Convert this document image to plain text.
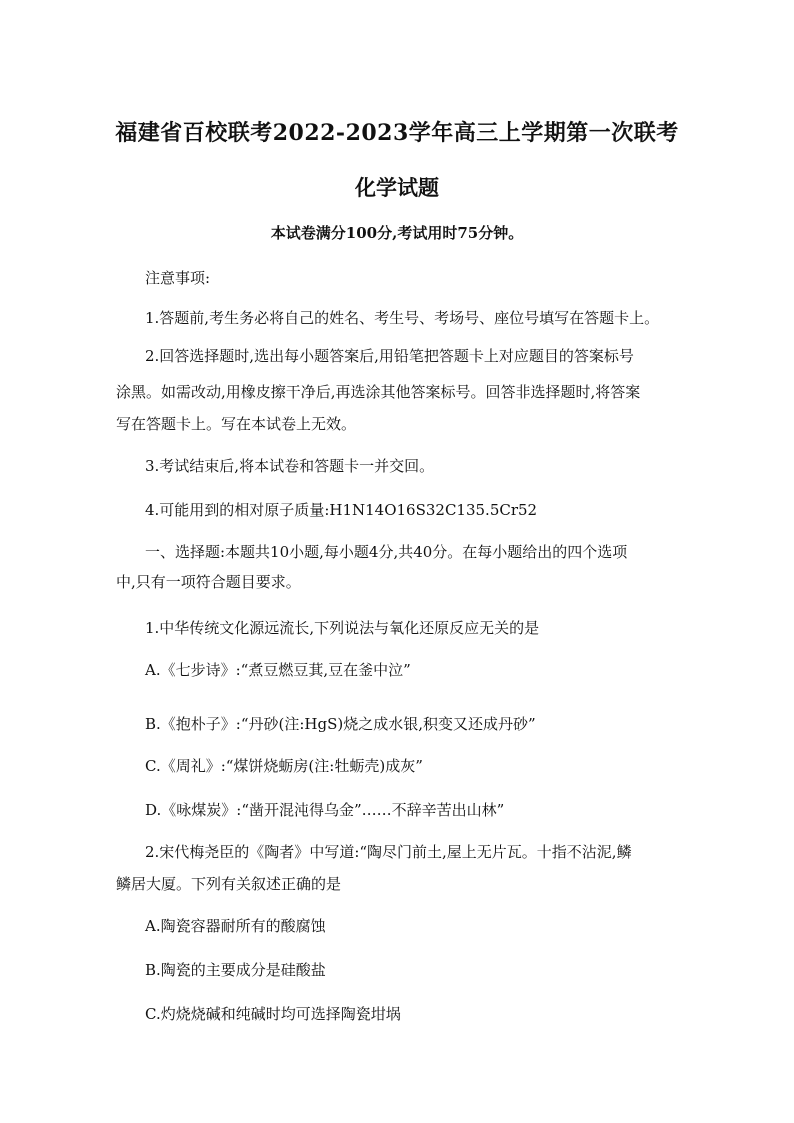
福建省百校联考2022-2023学年高三上学期第一次联考
化学试题
本试卷满分100分,考试用时75分钟。
注意事项:
1.答题前,考生务必将自己的姓名、考生号、考场号、座位号填写在答题卡上。
2.回答选择题时,选出每小题答案后,用铅笔把答题卡上对应题目的答案标号
涂黑。如需改动,用橡皮擦干净后,再选涂其他答案标号。回答非选择题时,将答案
写在答题卡上。写在本试卷上无效。
3.考试结束后,将本试卷和答题卡一并交回。
4.可能用到的相对原子质量:H1N14O16S32C135.5Cr52
一、选择题:本题共10小题,每小题4分,共40分。在每小题给出的四个选项
中,只有一项符合题目要求。
1.中华传统文化源远流长,下列说法与氧化还原反应无关的是
A.《七步诗》:“煮豆燃豆萁,豆在釜中泣”
B.《抱朴子》:“丹砂(注:HgS)烧之成水银,积变又还成丹砂”
C.《周礼》:“煤饼烧蛎房(注:牡蛎壳)成灰”
D.《咏煤炭》:“凿开混沌得乌金”……不辞辛苦出山林”
2.宋代梅尧臣的《陶者》中写道:“陶尽门前土,屋上无片瓦。十指不沾泥,鳞
鳞居大厦。下列有关叙述正确的是
A.陶瓷容器耐所有的酸腐蚀
B.陶瓷的主要成分是硅酸盐
C.灼烧烧碱和纯碱时均可选择陶瓷坩埚
